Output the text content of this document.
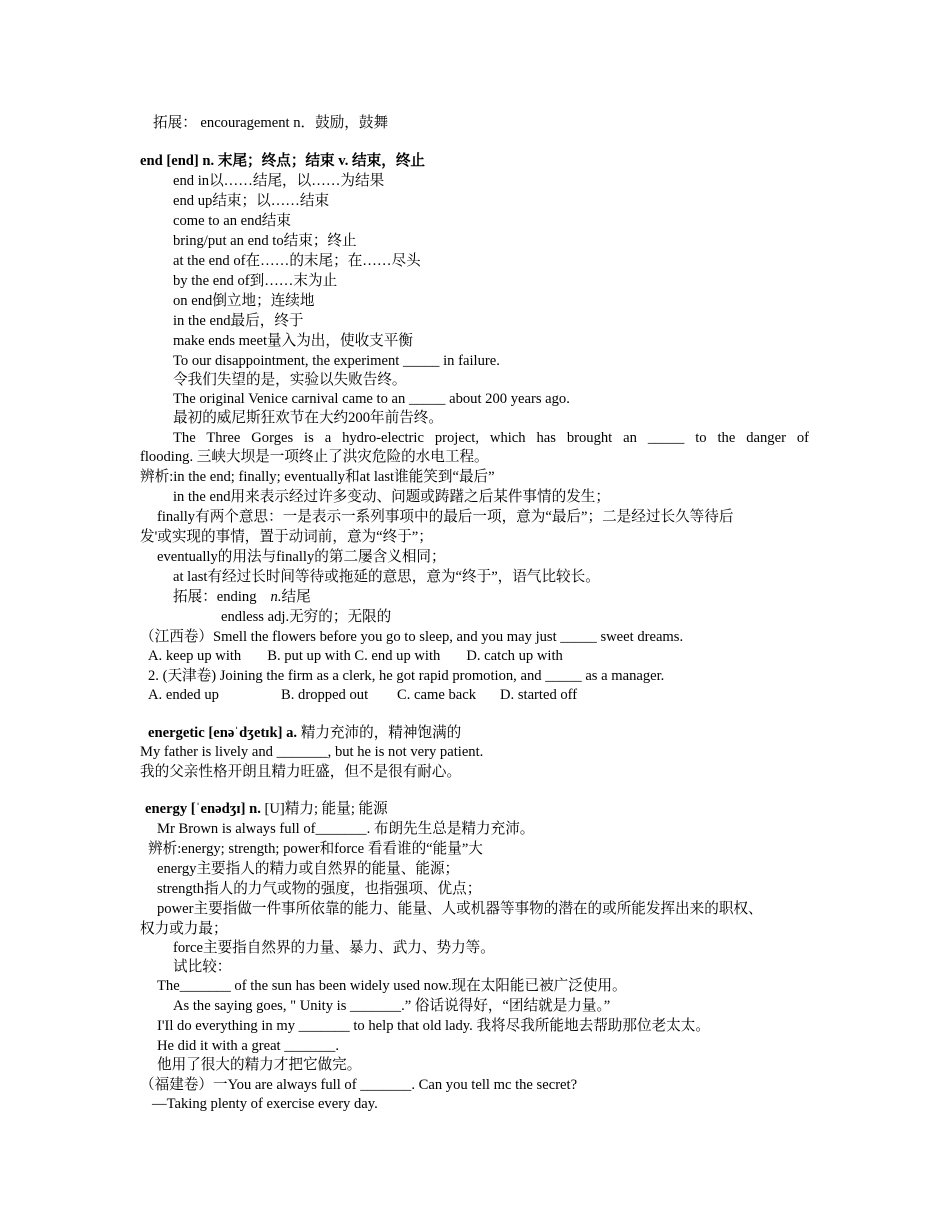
拓展： encouragement n．鼓励，鼓舞
end [end] n. 末尾；终点；结束 v. 结束，终止
end in以……结尾，以……为结果
end up结束；以……结束
come to an end结束
bring/put an end to结束；终止
at the end of在……的末尾；在……尽头
by the end of到……末为止
on end倒立地；连续地
in the end最后，终于
make ends meet量入为出，使收支平衡
To our disappointment, the experiment _____ in failure.
令我们失望的是，实验以失败告终。
The original Venice carnival came to an _____ about 200 years ago.
最初的威尼斯狂欢节在大约200年前告终。
The Three Gorges is a hydro-electric project, which has brought an _____ to the danger of
flooding. 三峡大坝是一项终止了洪灾危险的水电工程。
辨析:in the end; finally; eventually和at last谁能笑到“最后”
in the end用来表示经过许多变动、问题或踌躇之后某件事情的发生；
finally有两个意思：一是表示一系列事项中的最后一项，意为“最后”；二是经过长久等待后
发'或实现的事情，置于动词前，意为“终于”；
eventually的用法与finally的第二屡含义相同；
at last有经过长时间等待或拖延的意思，意为“终于”，语气比较长。
拓展：ending n.结尾
endless adj.无穷的；无限的
（江西卷）Smell the flowers before you go to sleep, and you may just _____ sweet dreams.
A. keep up with B. put up with C. end up with D. catch up with
2. (天津卷) Joining the firm as a clerk, he got rapid promotion, and _____ as a manager.
A. ended up	B. dropped out C. came back D. started off
energetic [enəˈdʒetɪk] a. 精力充沛的，精神饱满的
My father is lively and _______, but he is not very patient.
我的父亲性格开朗且精力旺盛，但不是很有耐心。
energy [ˈenədʒɪ] n. [U]精力; 能量; 能源
Mr Brown is always full of_______. 布朗先生总是精力充沛。
辨析:energy; strength; power和force 看看谁的“能量”大
energy主要指人的精力或自然界的能量、能源；
strength指人的力气或物的强度，也指强项、优点；
power主要指做一件事所依靠的能力、能量、人或机器等事物的潜在的或所能发挥出来的职权、
权力或力最；
force主要指自然界的力量、暴力、武力、势力等。
试比较：
The_______ of the sun has been widely used now.现在太阳能已被广泛使用。
As the saying goes, " Unity is _______.” 俗话说得好，“团结就是力量。”
I'Il do everything in my _______ to help that old lady. 我将尽我所能地去帮助那位老太太。
He did it with a great _______.
他用了很大的精力才把它做完。
（福建卷）一You are always full of _______. Can you tell mc the secret?
—Taking plenty of exercise every day.
